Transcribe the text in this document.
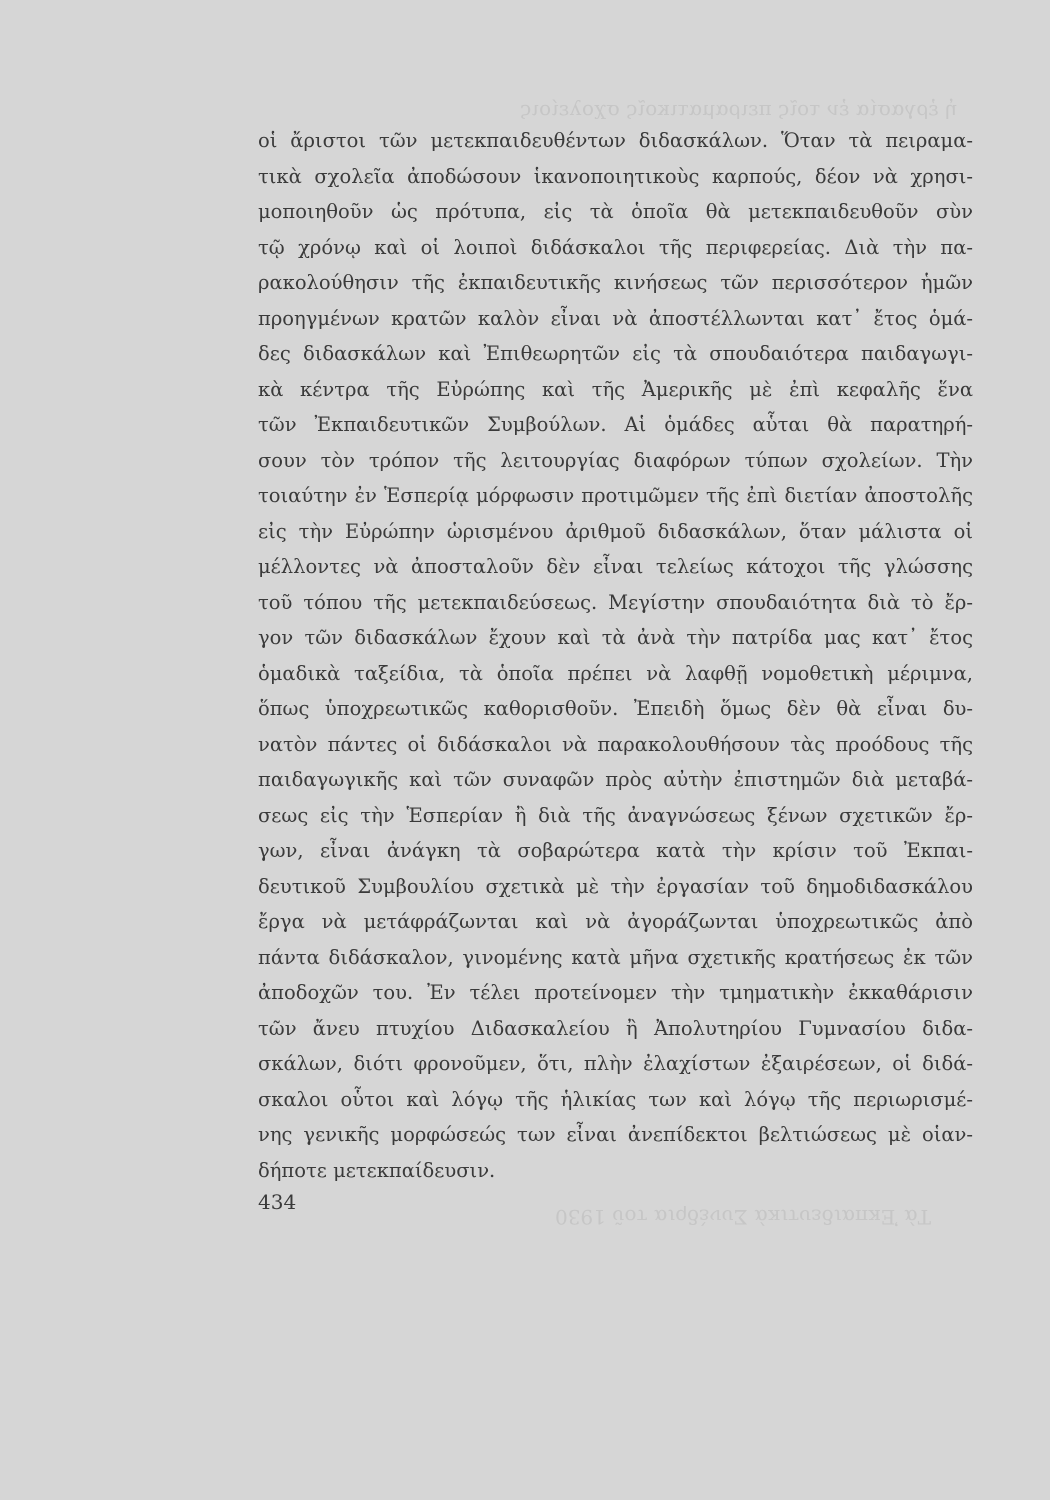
ἡ ἐργασία ἐν τοῖς πειραματικοῖς σχολείοις
Τὰ Ἐκπαιδευτικὰ Συνέδρια τοῦ 1930
οἱ ἄριστοι τῶν μετεκπαιδευθέντων διδασκάλων. Ὅταν τὰ πειραμα-
τικὰ σχολεῖα ἀποδώσουν ἱκανοποιητικοὺς καρπούς, δέον νὰ χρησι-
μοποιηθοῦν ὡς πρότυπα, εἰς τὰ ὁποῖα θὰ μετεκπαιδευθοῦν σὺν
τῷ χρόνῳ καὶ οἱ λοιποὶ διδάσκαλοι τῆς περιφερείας. Διὰ τὴν πα-
ρακολούθησιν τῆς ἐκπαιδευτικῆς κινήσεως τῶν περισσότερον ἡμῶν
προηγμένων κρατῶν καλὸν εἶναι νὰ ἀποστέλλωνται κατ᾽ ἔτος ὁμά-
δες διδασκάλων καὶ Ἐπιθεωρητῶν εἰς τὰ σπουδαιότερα παιδαγωγι-
κὰ κέντρα τῆς Εὐρώπης καὶ τῆς Ἀμερικῆς μὲ ἐπὶ κεφαλῆς ἕνα
τῶν Ἐκπαιδευτικῶν Συμβούλων. Αἱ ὁμάδες αὗται θὰ παρατηρή-
σουν τὸν τρόπον τῆς λειτουργίας διαφόρων τύπων σχολείων. Τὴν
τοιαύτην ἐν Ἑσπερίᾳ μόρφωσιν προτιμῶμεν τῆς ἐπὶ διετίαν ἀποστολῆς
εἰς τὴν Εὐρώπην ὡρισμένου ἀριθμοῦ διδασκάλων, ὅταν μάλιστα οἱ
μέλλοντες νὰ ἀποσταλοῦν δὲν εἶναι τελείως κάτοχοι τῆς γλώσσης
τοῦ τόπου τῆς μετεκπαιδεύσεως. Μεγίστην σπουδαιότητα διὰ τὸ ἔρ-
γον τῶν διδασκάλων ἔχουν καὶ τὰ ἀνὰ τὴν πατρίδα μας κατ᾽ ἔτος
ὁμαδικὰ ταξείδια, τὰ ὁποῖα πρέπει νὰ λαφθῇ νομοθετικὴ μέριμνα,
ὅπως ὑποχρεωτικῶς καθορισθοῦν. Ἐπειδὴ ὅμως δὲν θὰ εἶναι δυ-
νατὸν πάντες οἱ διδάσκαλοι νὰ παρακολουθήσουν τὰς προόδους τῆς
παιδαγωγικῆς καὶ τῶν συναφῶν πρὸς αὐτὴν ἐπιστημῶν διὰ μεταβά-
σεως εἰς τὴν Ἑσπερίαν ἢ διὰ τῆς ἀναγνώσεως ξένων σχετικῶν ἔρ-
γων, εἶναι ἀνάγκη τὰ σοβαρώτερα κατὰ τὴν κρίσιν τοῦ Ἐκπαι-
δευτικοῦ Συμβουλίου σχετικὰ μὲ τὴν ἐργασίαν τοῦ δημοδιδασκάλου
ἔργα νὰ μετάφράζωνται καὶ νὰ ἀγοράζωνται ὑποχρεωτικῶς ἀπὸ
πάντα διδάσκαλον, γινομένης κατὰ μῆνα σχετικῆς κρατήσεως ἐκ τῶν
ἀποδοχῶν του. Ἐν τέλει προτείνομεν τὴν τμηματικὴν ἐκκαθάρισιν
τῶν ἄνευ πτυχίου Διδασκαλείου ἢ Ἀπολυτηρίου Γυμνασίου διδα-
σκάλων, διότι φρονοῦμεν, ὅτι, πλὴν ἐλαχίστων ἐξαιρέσεων, οἱ διδά-
σκαλοι οὗτοι καὶ λόγῳ τῆς ἡλικίας των καὶ λόγῳ τῆς περιωρισμέ-
νης γενικῆς μορφώσεώς των εἶναι ἀνεπίδεκτοι βελτιώσεως μὲ οἱαν-
δήποτε μετεκπαίδευσιν.
434
